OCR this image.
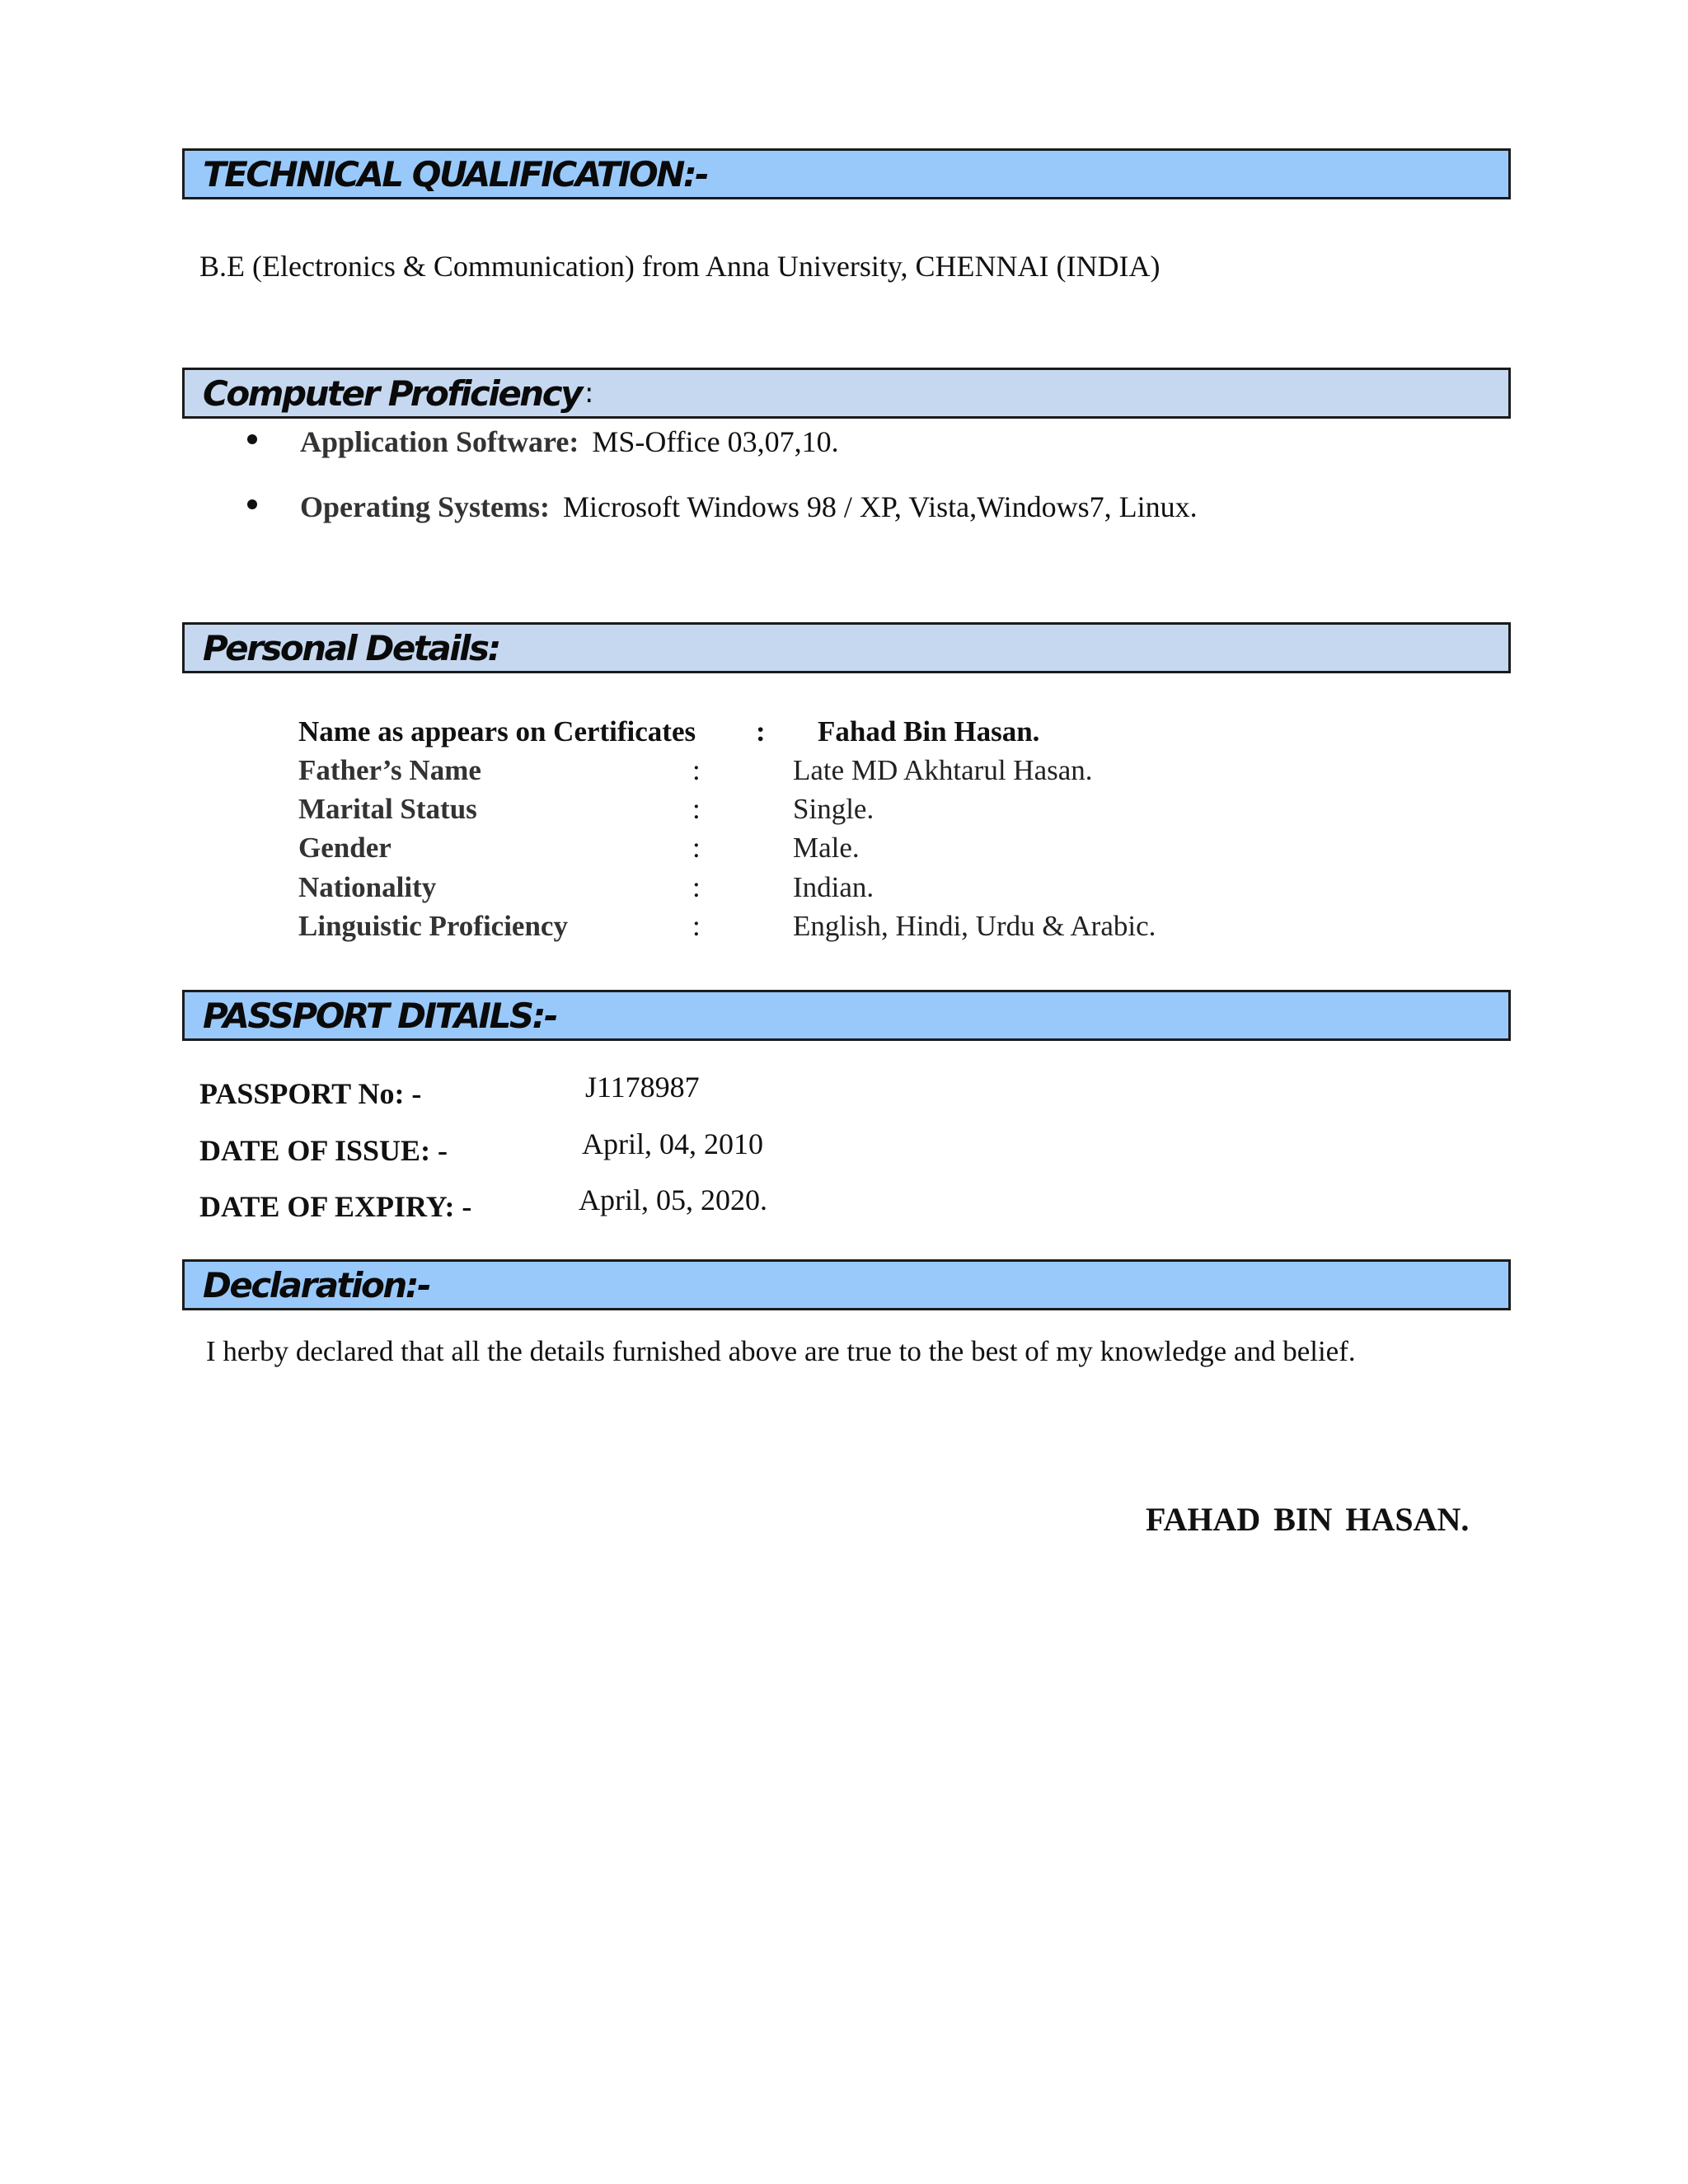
TECHNICAL QUALIFICATION:-
B.E (Electronics & Communication) from Anna University, CHENNAI (INDIA)
Computer Proficiency :
Application Software: MS-Office 03,07,10.
Operating Systems: Microsoft Windows 98 / XP, Vista,Windows7, Linux.
Personal Details:
Name as appears on Certificates : Fahad Bin Hasan.
Father’s Name	:	Late MD Akhtarul Hasan.
Marital Status	:	Single.
Gender	:	Male.
Nationality	:	Indian.
Linguistic Proficiency	:	English, Hindi, Urdu & Arabic.
PASSPORT DITAILS:-
PASSPORT No: -	J1178987
DATE OF ISSUE: -	April, 04, 2010
DATE OF EXPIRY: -	April, 05, 2020.
Declaration:-
I herby declared that all the details furnished above are true to the best of my knowledge and belief.
FAHAD BIN HASAN.
